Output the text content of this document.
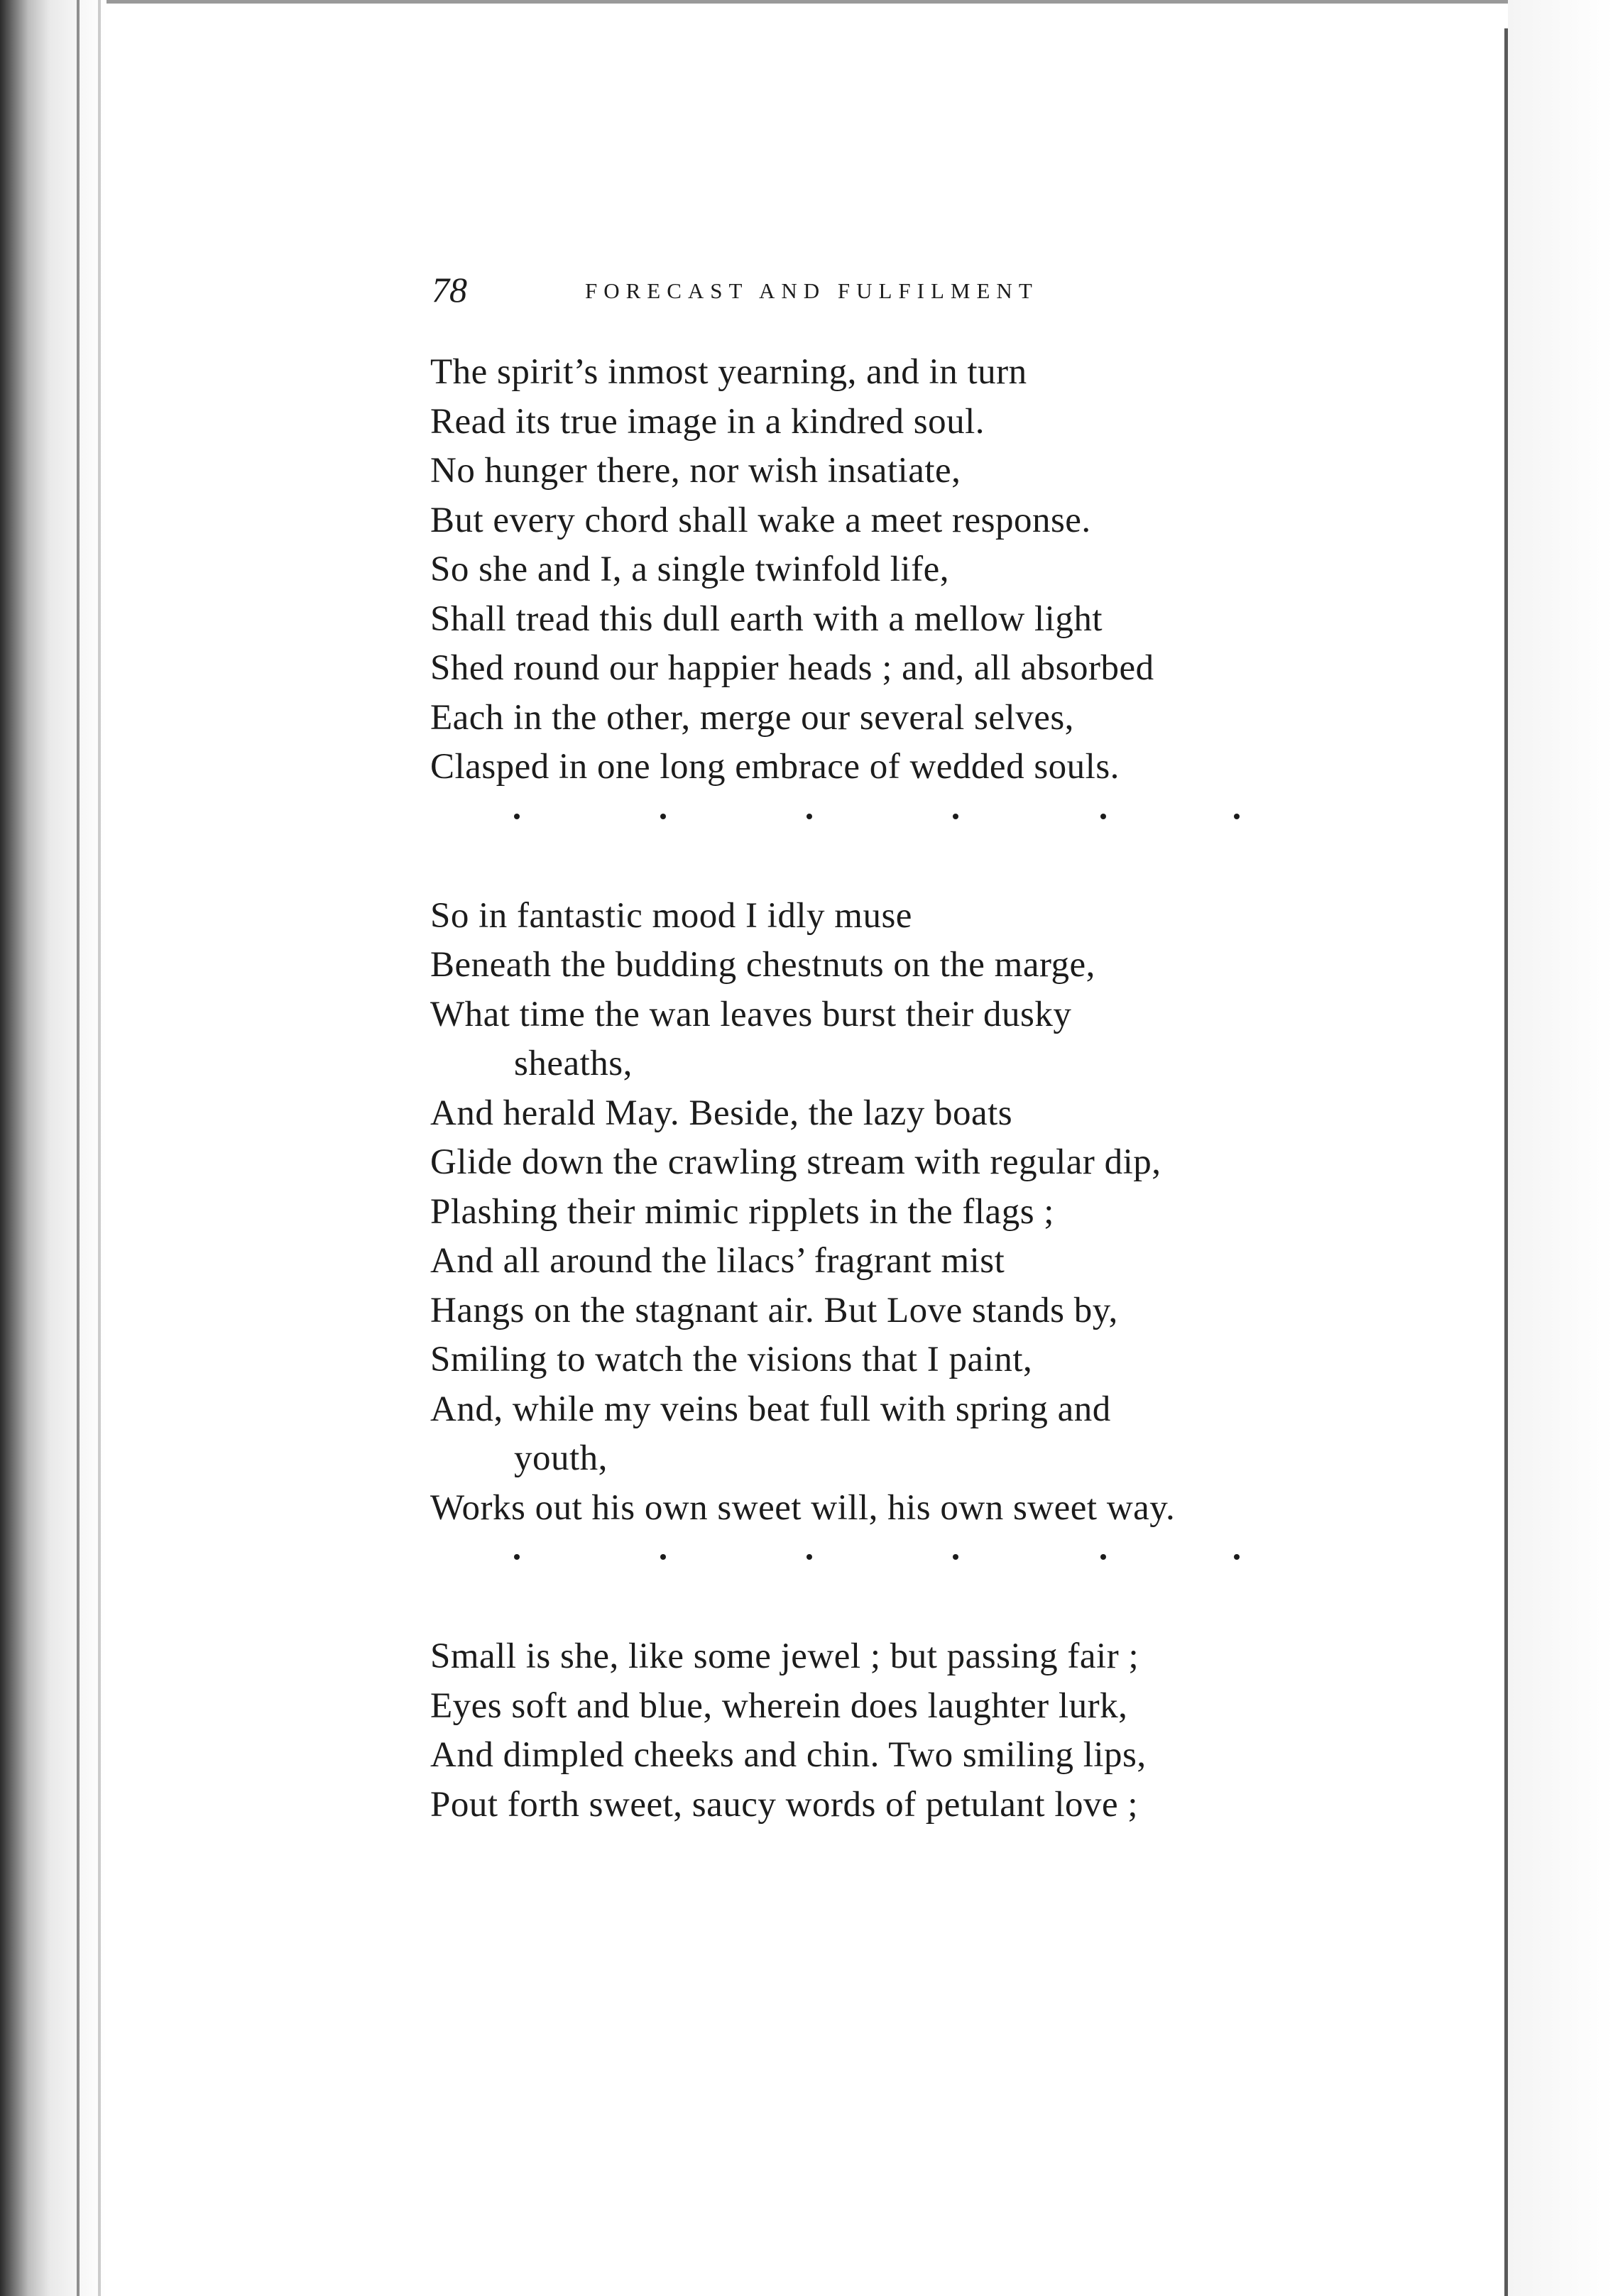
78	FORECAST AND FULFILMENT
The spirit’s inmost yearning, and in turn
Read its true image in a kindred soul.
No hunger there, nor wish insatiate,
But every chord shall wake a meet response.
So she and I, a single twinfold life,
Shall tread this dull earth with a mellow light
Shed round our happier heads ; and, all absorbed
Each in the other, merge our several selves,
Clasped in one long embrace of wedded souls.
So in fantastic mood I idly muse
Beneath the budding chestnuts on the marge,
What time the wan leaves burst their dusky
sheaths,
And herald May. Beside, the lazy boats
Glide down the crawling stream with regular dip,
Plashing their mimic ripplets in the flags ;
And all around the lilacs’ fragrant mist
Hangs on the stagnant air. But Love stands by,
Smiling to watch the visions that I paint,
And, while my veins beat full with spring and
youth,
Works out his own sweet will, his own sweet way.
Small is she, like some jewel ; but passing fair ;
Eyes soft and blue, wherein does laughter lurk,
And dimpled cheeks and chin. Two smiling lips,
Pout forth sweet, saucy words of petulant love ;
